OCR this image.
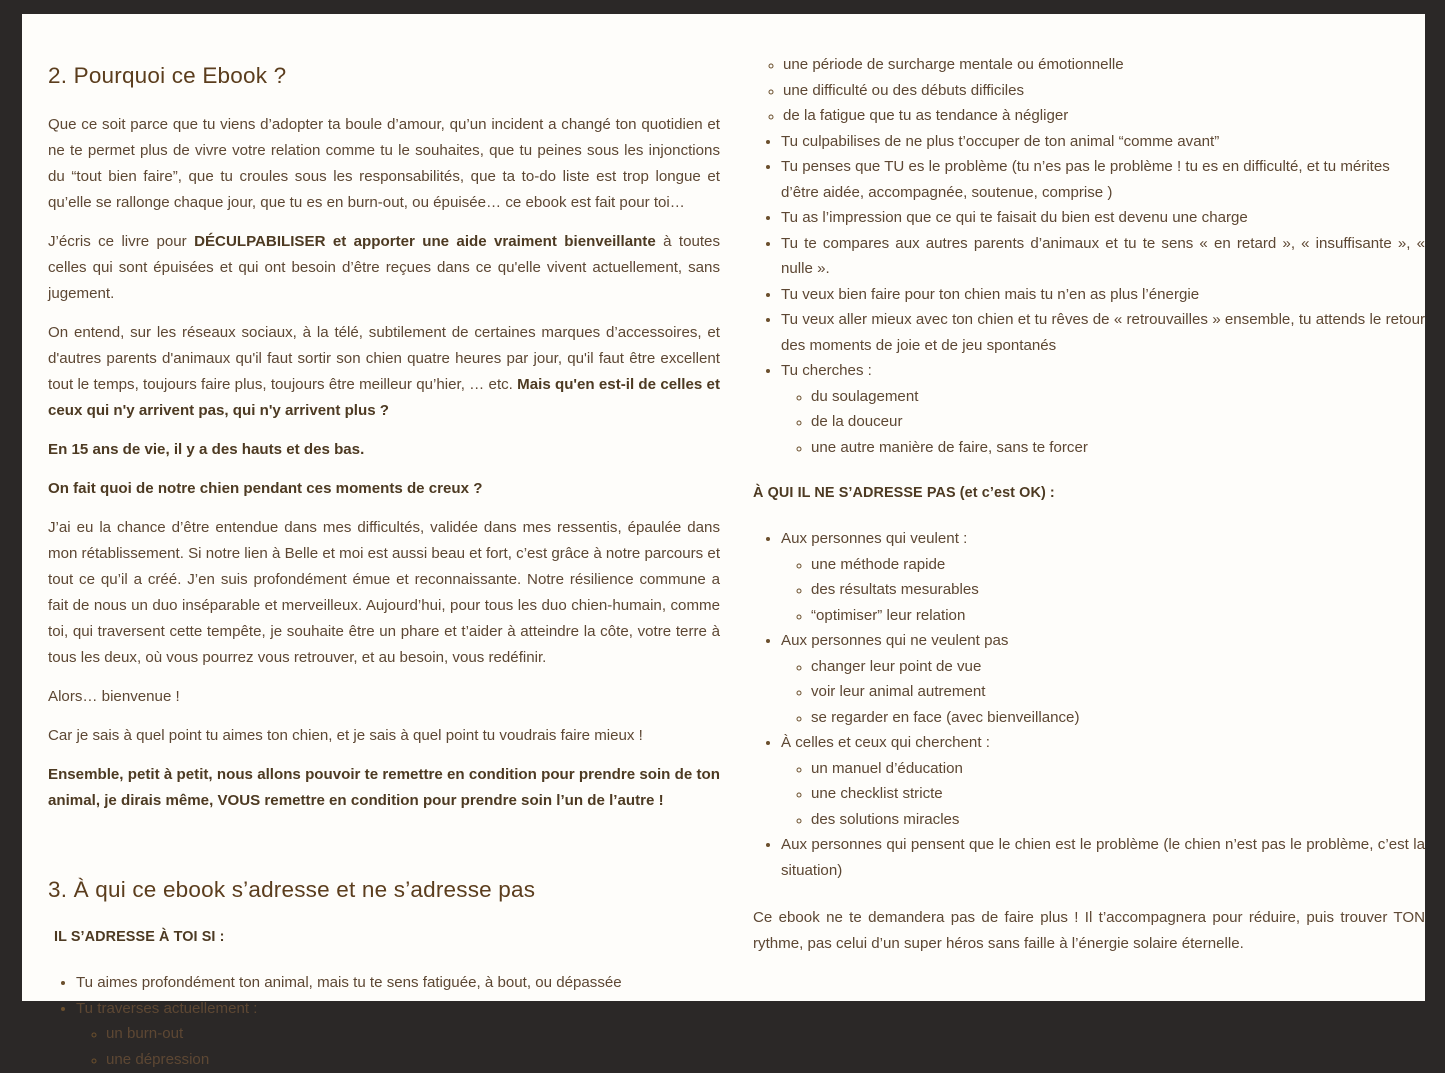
2. Pourquoi ce Ebook ?

Que ce soit parce que tu viens d’adopter ta boule d’amour, qu’un incident a changé ton quotidien et ne te permet plus de vivre votre relation comme tu le souhaites, que tu peines sous les injonctions du “tout bien faire”, que tu croules sous les responsabilités, que ta to-do liste est trop longue et qu’elle se rallonge chaque jour, que tu es en burn-out, ou épuisée… ce ebook est fait pour toi…

J’écris ce livre pour DÉCULPABILISER et apporter une aide vraiment bienveillante à toutes celles qui sont épuisées et qui ont besoin d’être reçues dans ce qu'elle vivent actuellement, sans jugement.

On entend, sur les réseaux sociaux, à la télé, subtilement de certaines marques d’accessoires, et d'autres parents d'animaux qu'il faut sortir son chien quatre heures par jour, qu'il faut être excellent tout le temps, toujours faire plus, toujours être meilleur qu’hier, … etc. Mais qu'en est-il de celles et ceux qui n'y arrivent pas, qui n'y arrivent plus ?

En 15 ans de vie, il y a des hauts et des bas.

On fait quoi de notre chien pendant ces moments de creux ?

J’ai eu la chance d’être entendue dans mes difficultés, validée dans mes ressentis, épaulée dans mon rétablissement. Si notre lien à Belle et moi est aussi beau et fort, c’est grâce à notre parcours et tout ce qu’il a créé. J’en suis profondément émue et reconnaissante. Notre résilience commune a fait de nous un duo inséparable et merveilleux. Aujourd’hui, pour tous les duo chien-humain, comme toi, qui traversent cette tempête, je souhaite être un phare et t’aider à atteindre la côte, votre terre à tous les deux, où vous pourrez vous retrouver, et au besoin, vous redéfinir.

Alors… bienvenue !

Car je sais à quel point tu aimes ton chien, et je sais à quel point tu voudrais faire mieux !

Ensemble, petit à petit, nous allons pouvoir te remettre en condition pour prendre soin de ton animal, je dirais même, VOUS remettre en condition pour prendre soin l’un de l’autre !

3. À qui ce ebook s’adresse et ne s’adresse pas
IL S’ADRESSE À TOI SI :
• Tu aimes profondément ton animal, mais tu te sens fatiguée, à bout, ou dépassée
• Tu traverses actuellement :
◦ un burn-out
◦ une dépression
◦ une période de surcharge mentale ou émotionnelle
◦ une difficulté ou des débuts difficiles
◦ de la fatigue que tu as tendance à négliger
• Tu culpabilises de ne plus t’occuper de ton animal “comme avant”
• Tu penses que TU es le problème (tu n’es pas le problème ! tu es en difficulté, et tu mérites d’être aidée, accompagnée, soutenue, comprise )
• Tu as l’impression que ce qui te faisait du bien est devenu une charge
• Tu te compares aux autres parents d’animaux et tu te sens « en retard », « insuffisante », « nulle ».
• Tu veux bien faire pour ton chien mais tu n’en as plus l’énergie
• Tu veux aller mieux avec ton chien et tu rêves de « retrouvailles » ensemble, tu attends le retour des moments de joie et de jeu spontanés
• Tu cherches :
◦ du soulagement
◦ de la douceur
◦ une autre manière de faire, sans te forcer
À QUI IL NE S’ADRESSE PAS (et c’est OK) :
• Aux personnes qui veulent :
◦ une méthode rapide
◦ des résultats mesurables
◦ “optimiser” leur relation
• Aux personnes qui ne veulent pas
◦ changer leur point de vue
◦ voir leur animal autrement
◦ se regarder en face (avec bienveillance)
• À celles et ceux qui cherchent :
◦ un manuel d’éducation
◦ une checklist stricte
◦ des solutions miracles
• Aux personnes qui pensent que le chien est le problème (le chien n’est pas le problème, c’est la situation)

Ce ebook ne te demandera pas de faire plus ! Il t’accompagnera pour réduire, puis trouver TON rythme, pas celui d’un super héros sans faille à l’énergie solaire éternelle.
